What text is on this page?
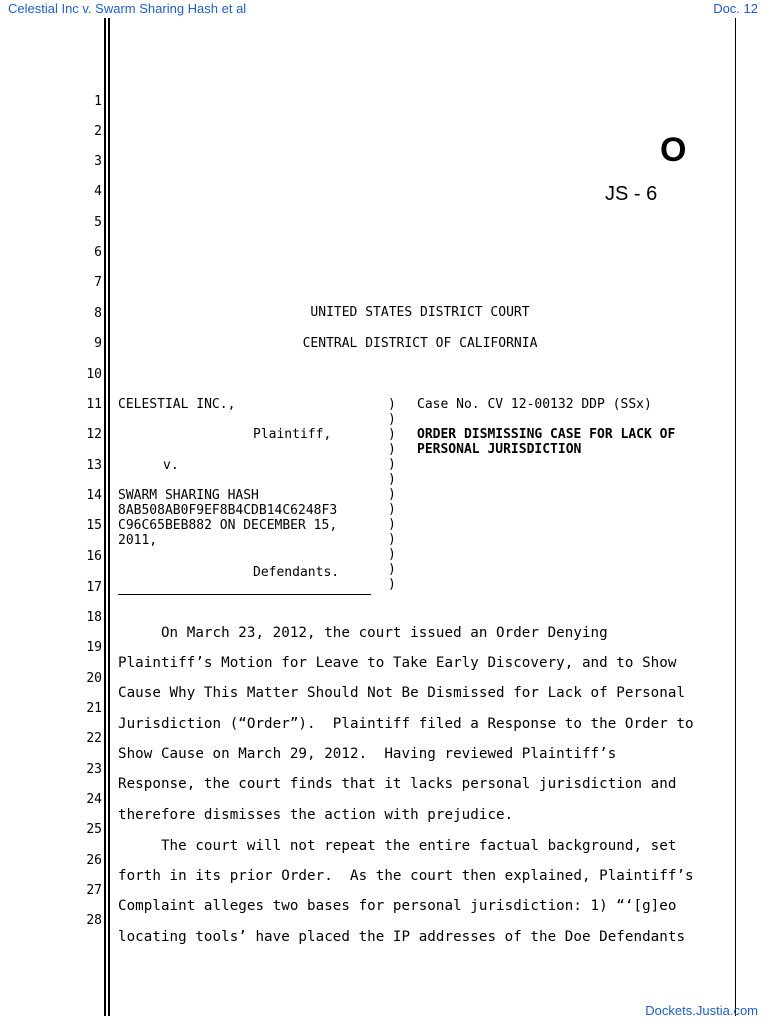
Celestial Inc v. Swarm Sharing Hash et al	Doc. 12
1
2
3
4
5
6
7
8
9
10
11
12
13
14
15
16
17
18
19
20
21
22
23
24
25
26
27
28
O
JS - 6
UNITED STATES DISTRICT COURT
CENTRAL DISTRICT OF CALIFORNIA
CELESTIAL INC.,
Plaintiff,
v.
SWARM SHARING HASH
8AB508AB0F9EF8B4CDB14C6248F3
C96C65BEB882 ON DECEMBER 15,
2011,
Defendants.
)
)
)
)
)
)
)
)
)
)
)
)
)
Case No. CV 12-00132 DDP (SSx)
ORDER DISMISSING CASE FOR LACK OF
PERSONAL JURISDICTION
On March 23, 2012, the court issued an Order Denying
Plaintiff’s Motion for Leave to Take Early Discovery, and to Show
Cause Why This Matter Should Not Be Dismissed for Lack of Personal
Jurisdiction (“Order”).  Plaintiff filed a Response to the Order to
Show Cause on March 29, 2012.  Having reviewed Plaintiff’s
Response, the court finds that it lacks personal jurisdiction and
therefore dismisses the action with prejudice.
The court will not repeat the entire factual background, set
forth in its prior Order.  As the court then explained, Plaintiff’s
Complaint alleges two bases for personal jurisdiction: 1) “‘[g]eo
locating tools’ have placed the IP addresses of the Doe Defendants
Dockets.Justia.com
